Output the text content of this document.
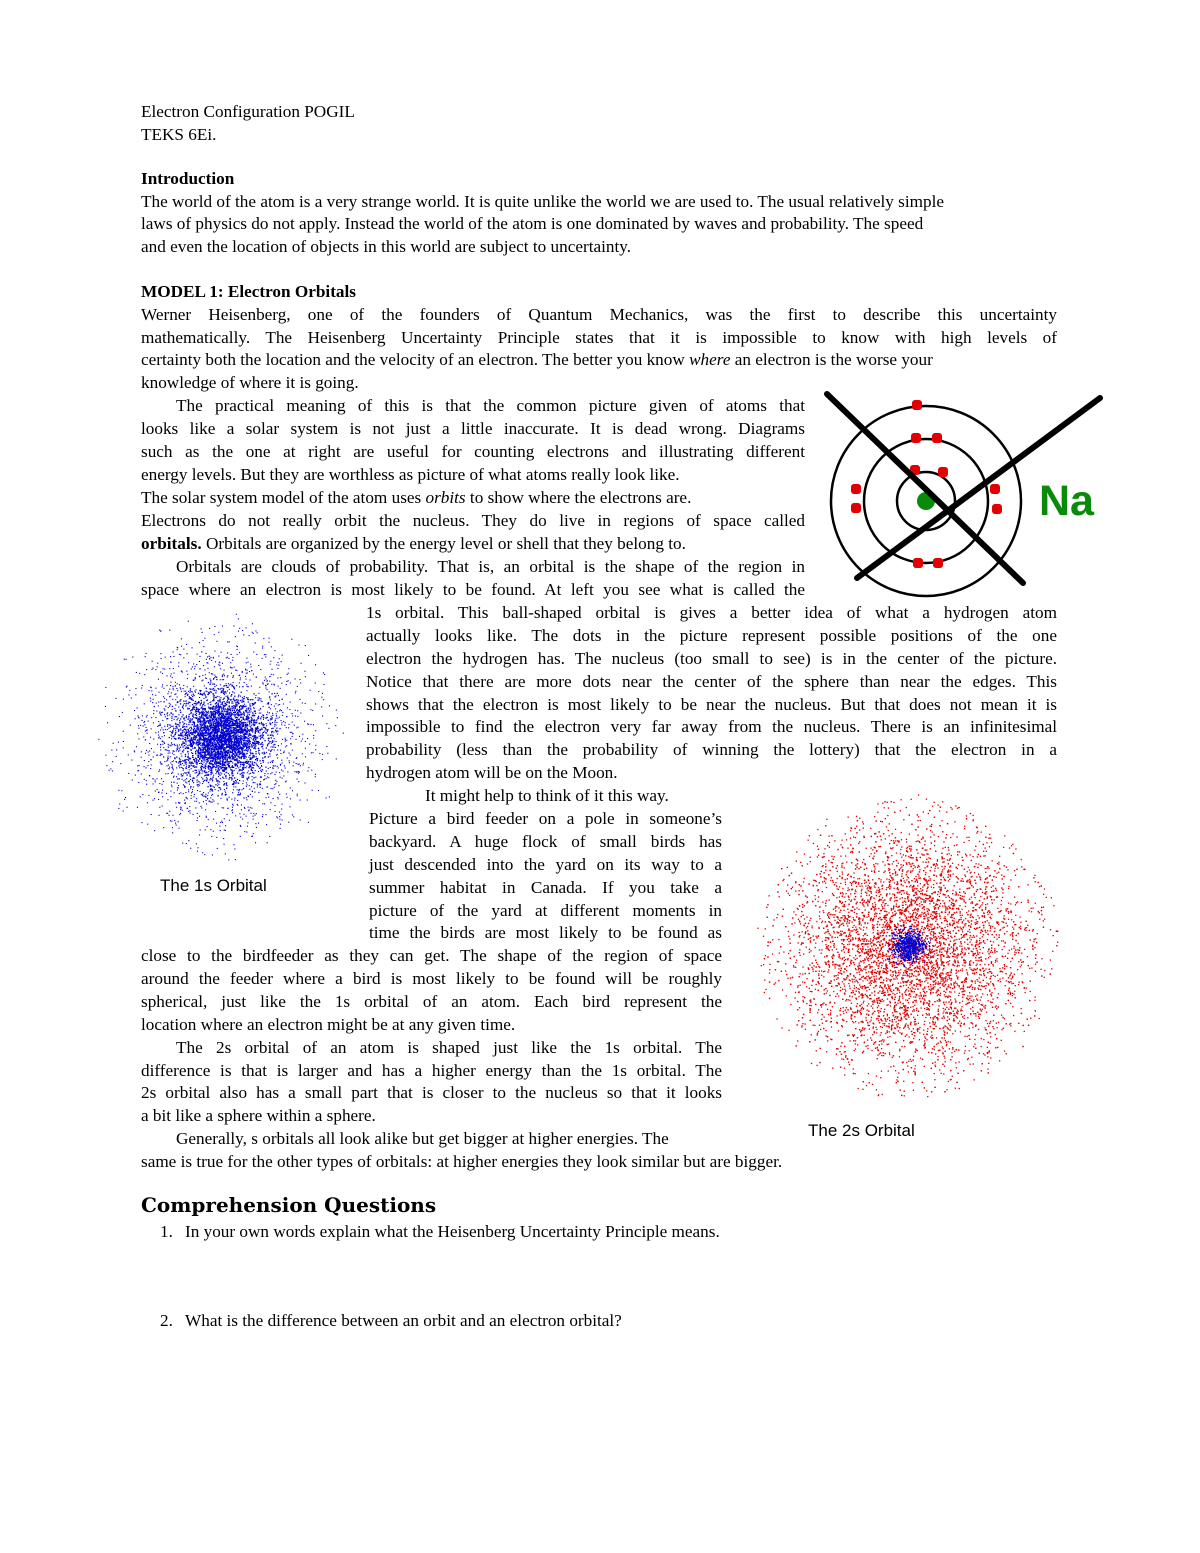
Electron Configuration POGIL
TEKS 6Ei.
Introduction
The world of the atom is a very strange world. It is quite unlike the world we are used to. The usual relatively simple
laws of physics do not apply. Instead the world of the atom is one dominated by waves and probability. The speed
and even the location of objects in this world are subject to uncertainty.
MODEL 1: Electron Orbitals
Werner Heisenberg, one of the founders of Quantum Mechanics, was the first to describe this uncertainty
mathematically. The Heisenberg Uncertainty Principle states that it is impossible to know with high levels of
certainty both the location and the velocity of an electron. The better you know where an electron is the worse your
knowledge of where it is going.
The practical meaning of this is that the common picture given of atoms that
looks like a solar system is not just a little inaccurate. It is dead wrong. Diagrams
such as the one at right are useful for counting electrons and illustrating different
energy levels. But they are worthless as picture of what atoms really look like.
The solar system model of the atom uses orbits to show where the electrons are.
Electrons do not really orbit the nucleus. They do live in regions of space called
orbitals. Orbitals are organized by the energy level or shell that they belong to.
Orbitals are clouds of probability. That is, an orbital is the shape of the region in
space where an electron is most likely to be found. At left you see what is called the
1s orbital. This ball-shaped orbital is gives a better idea of what a hydrogen atom
actually looks like. The dots in the picture represent possible positions of the one
electron the hydrogen has. The nucleus (too small to see) is in the center of the picture.
Notice that there are more dots near the center of the sphere than near the edges. This
shows that the electron is most likely to be near the nucleus. But that does not mean it is
impossible to find the electron very far away from the nucleus. There is an infinitesimal
probability (less than the probability of winning the lottery) that the electron in a
hydrogen atom will be on the Moon.
It might help to think of it this way.
Picture a bird feeder on a pole in someone’s
backyard. A huge flock of small birds has
just descended into the yard on its way to a
summer habitat in Canada. If you take a
picture of the yard at different moments in
time the birds are most likely to be found as
close to the birdfeeder as they can get. The shape of the region of space
around the feeder where a bird is most likely to be found will be roughly
spherical, just like the 1s orbital of an atom. Each bird represent the
location where an electron might be at any given time.
The 2s orbital of an atom is shaped just like the 1s orbital. The
difference is that is larger and has a higher energy than the 1s orbital. The
2s orbital also has a small part that is closer to the nucleus so that it looks
a bit like a sphere within a sphere.
Generally, s orbitals all look alike but get bigger at higher energies. The
same is true for the other types of orbitals: at higher energies they look similar but are bigger.
Comprehension Questions
1. In your own words explain what the Heisenberg Uncertainty Principle means.
2. What is the difference between an orbit and an electron orbital?
Na
The 1s Orbital
The 2s Orbital
